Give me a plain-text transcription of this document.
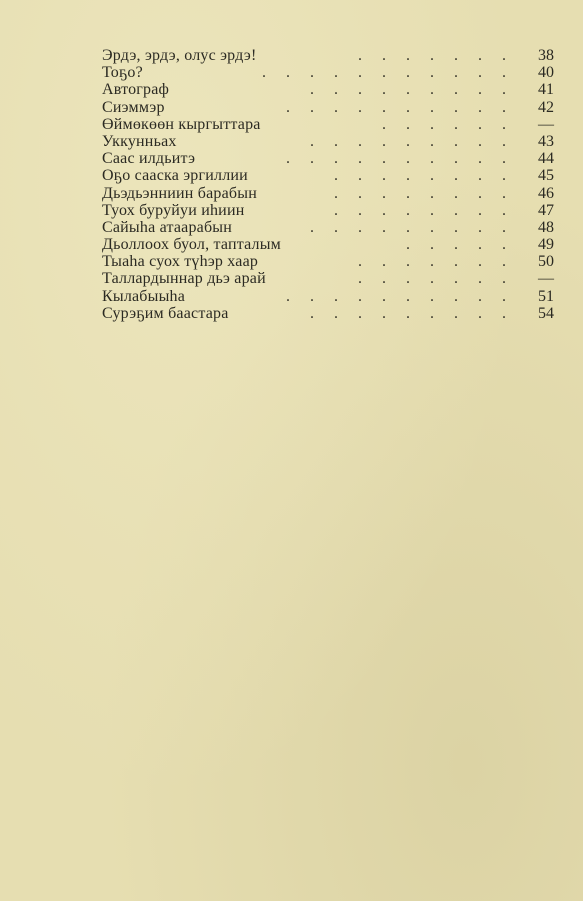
Эрдэ, эрдэ, олус эрдэ!	. . . . . . .	38
Тоҕо?	. . . . . . . . . . .	40
Автограф	. . . . . . . . .	41
Сиэммэр	. . . . . . . . . .	42
Өймөкөөн кыргыттара	. . . . . .	—
Уккунньах	. . . . . . . . .	43
Саас илдьитэ	. . . . . . . . . .	44
Оҕо сааска эргиллии	. . . . . . . .	45
Дьэдьэнниин барабын	. . . . . . . .	46
Туох буруйуи иһиин	. . . . . . . .	47
Сайыһа атаарабын	. . . . . . . . .	48
Дьоллоох буол, тапталым	. . . . .	49
Тыаһа суох түһэр хаар	. . . . . . .	50
Таллардыннар дьэ арай	. . . . . . .	—
Кылабыыһа	. . . . . . . . . .	51
Сурэҕим баастара	. . . . . . . . .	54
